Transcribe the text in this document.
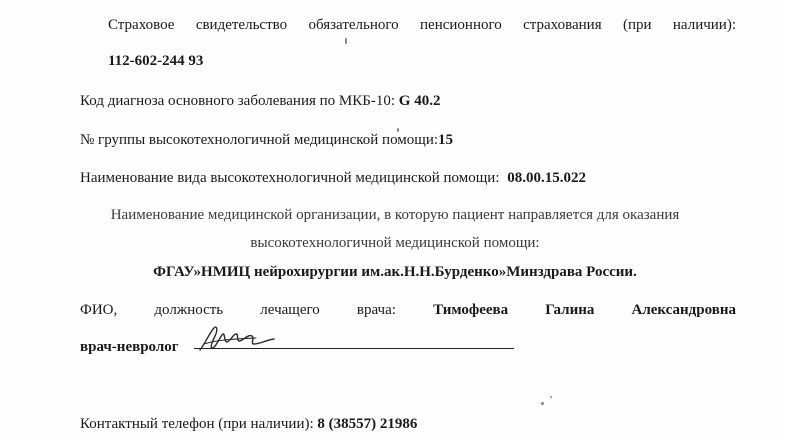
Страховое свидетельство обязательного пенсионного страхования (при наличии):
112-602-244 93
Код диагноза основного заболевания по МКБ-10: G 40.2
№ группы высокотехнологичной медицинской помощи:15
Наименование вида высокотехнологичной медицинской помощи: 08.00.15.022
Наименование медицинской организации, в которую пациент направляется для оказания
высокотехнологичной медицинской помощи:
ФГАУ»НМИЦ нейрохирургии им.ак.Н.Н.Бурденко»Минздрава России.
ФИО, должность лечащего врача: Тимофеева Галина Александровна
врач-невролог
Контактный телефон (при наличии): 8 (38557) 21986
